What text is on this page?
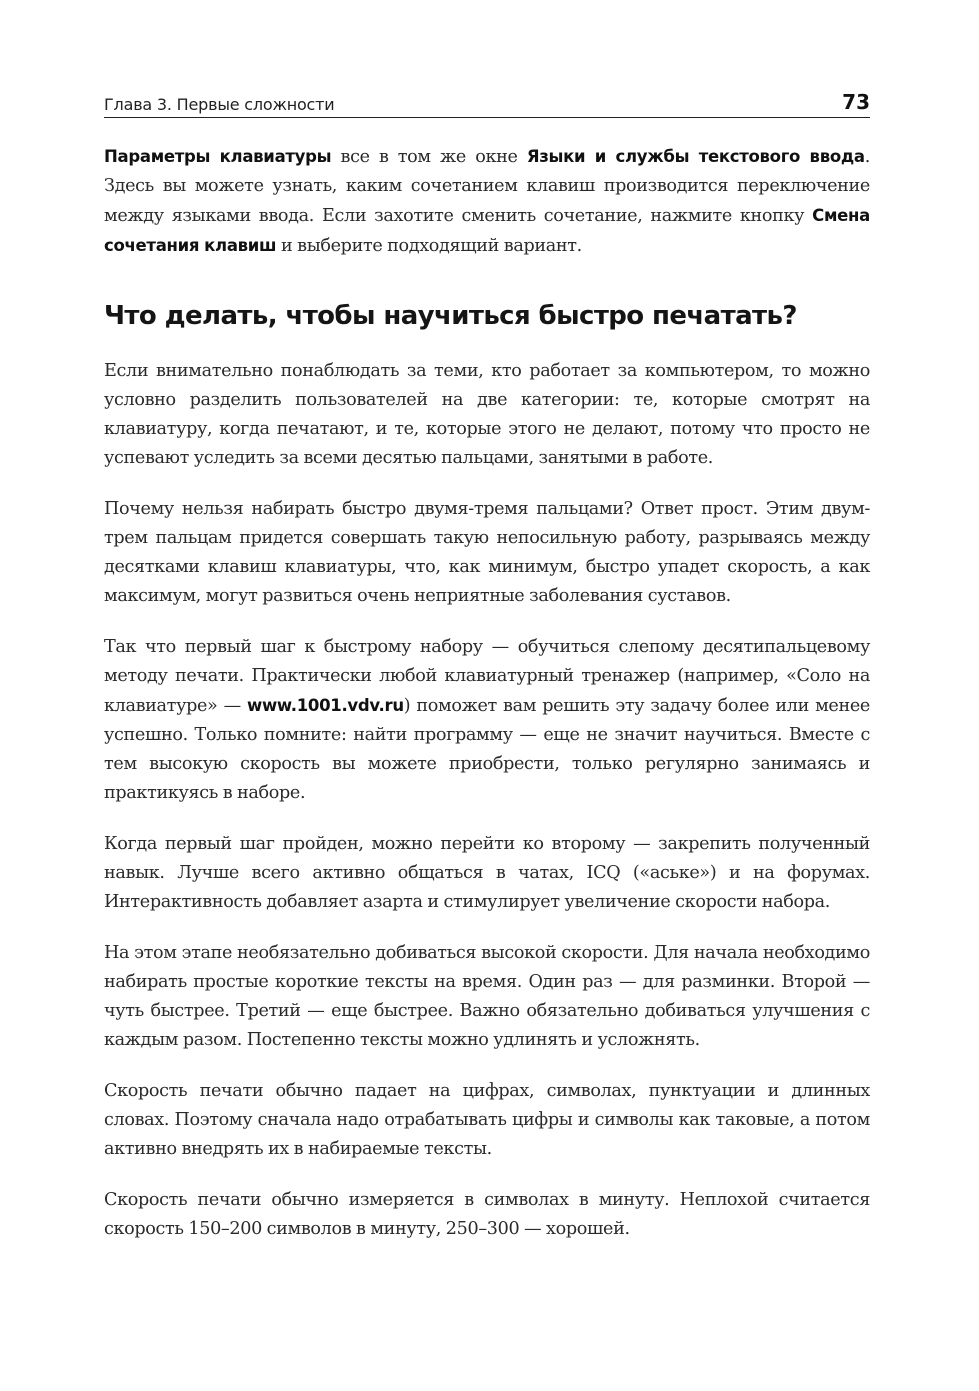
Глава 3. Первые сложности	73

Параметры клавиатуры все в том же окне Языки и службы текстового ввода. Здесь вы можете узнать, каким сочетанием клавиш производится переключение между языками ввода. Если захотите сменить сочетание, нажмите кнопку Смена сочетания клавиш и выберите подходящий вариант.

Что делать, чтобы научиться быстро печатать?

Если внимательно понаблюдать за теми, кто работает за компьютером, то можно условно разделить пользователей на две категории: те, которые смотрят на клавиатуру, когда печатают, и те, которые этого не делают, потому что просто не успевают уследить за всеми десятью пальцами, занятыми в работе.

Почему нельзя набирать быстро двумя-тремя пальцами? Ответ прост. Этим двум-трем пальцам придется совершать такую непосильную работу, разрываясь между десятками клавиш клавиатуры, что, как минимум, быстро упадет скорость, а как максимум, могут развиться очень неприятные заболевания суставов.

Так что первый шаг к быстрому набору — обучиться слепому десятипальцевому методу печати. Практически любой клавиатурный тренажер (например, «Соло на клавиатуре» — www.1001.vdv.ru) поможет вам решить эту задачу более или менее успешно. Только помните: найти программу — еще не значит научиться. Вместе с тем высокую скорость вы можете приобрести, только регулярно занимаясь и практикуясь в наборе.

Когда первый шаг пройден, можно перейти ко второму — закрепить полученный навык. Лучше всего активно общаться в чатах, ICQ («аське») и на форумах. Интерактивность добавляет азарта и стимулирует увеличение скорости набора.

На этом этапе необязательно добиваться высокой скорости. Для начала необходимо набирать простые короткие тексты на время. Один раз — для разминки. Второй — чуть быстрее. Третий — еще быстрее. Важно обязательно добиваться улучшения с каждым разом. Постепенно тексты можно удлинять и усложнять.

Скорость печати обычно падает на цифрах, символах, пунктуации и длинных словах. Поэтому сначала надо отрабатывать цифры и символы как таковые, а потом активно внедрять их в набираемые тексты.

Скорость печати обычно измеряется в символах в минуту. Неплохой считается скорость 150–200 символов в минуту, 250–300 — хорошей.
